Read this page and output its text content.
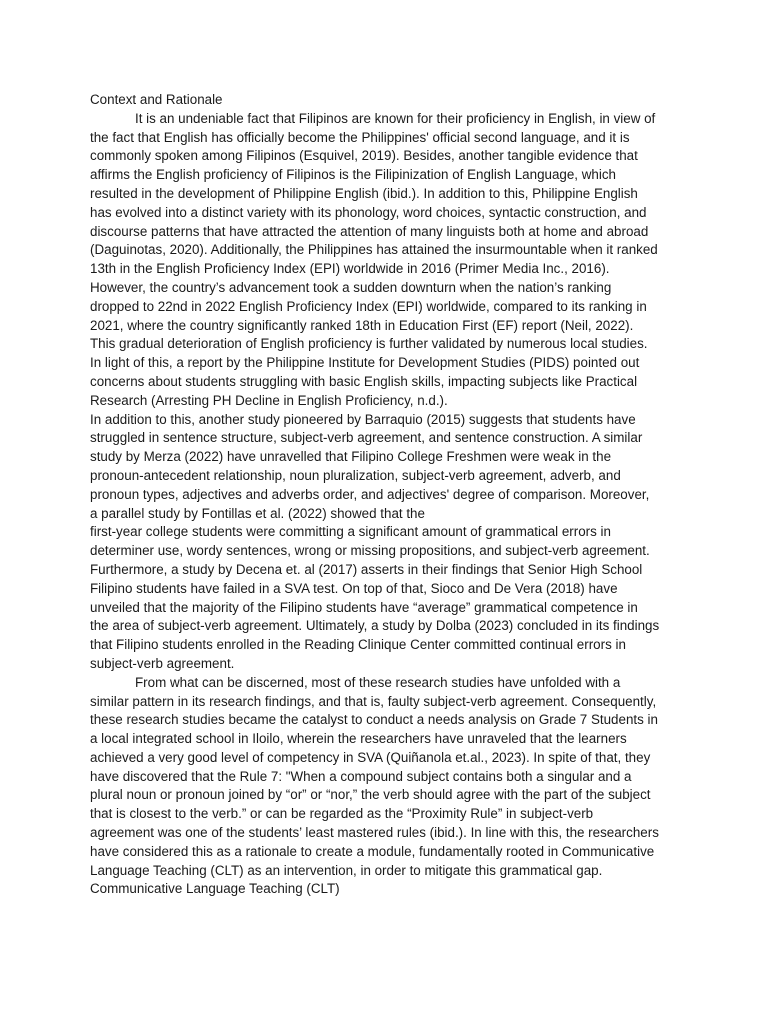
Context and Rationale
It is an undeniable fact that Filipinos are known for their proficiency in English, in view of
the fact that English has officially become the Philippines' official second language, and it is
commonly spoken among Filipinos (Esquivel, 2019). Besides, another tangible evidence that
affirms the English proficiency of Filipinos is the Filipinization of English Language, which
resulted in the development of Philippine English (ibid.). In addition to this, Philippine English
has evolved into a distinct variety with its phonology, word choices, syntactic construction, and
discourse patterns that have attracted the attention of many linguists both at home and abroad
(Daguinotas, 2020). Additionally, the Philippines has attained the insurmountable when it ranked
13th in the English Proficiency Index (EPI) worldwide in 2016 (Primer Media Inc., 2016).
However, the country’s advancement took a sudden downturn when the nation’s ranking
dropped to 22nd in 2022 English Proficiency Index (EPI) worldwide, compared to its ranking in
2021, where the country significantly ranked 18th in Education First (EF) report (Neil, 2022).
This gradual deterioration of English proficiency is further validated by numerous local studies.
In light of this, a report by the Philippine Institute for Development Studies (PIDS) pointed out
concerns about students struggling with basic English skills, impacting subjects like Practical
Research (Arresting PH Decline in English Proficiency, n.d.).
In addition to this, another study pioneered by Barraquio (2015) suggests that students have
struggled in sentence structure, subject-verb agreement, and sentence construction. A similar
study by Merza (2022) have unravelled that Filipino College Freshmen were weak in the
pronoun-antecedent relationship, noun pluralization, subject-verb agreement, adverb, and
pronoun types, adjectives and adverbs order, and adjectives' degree of comparison. Moreover,
a parallel study by Fontillas et al. (2022) showed that the
first-year college students were committing a significant amount of grammatical errors in
determiner use, wordy sentences, wrong or missing propositions, and subject-verb agreement.
Furthermore, a study by Decena et. al (2017) asserts in their findings that Senior High School
Filipino students have failed in a SVA test. On top of that, Sioco and De Vera (2018) have
unveiled that the majority of the Filipino students have “average” grammatical competence in
the area of subject-verb agreement. Ultimately, a study by Dolba (2023) concluded in its findings
that Filipino students enrolled in the Reading Clinique Center committed continual errors in
subject-verb agreement.
From what can be discerned, most of these research studies have unfolded with a
similar pattern in its research findings, and that is, faulty subject-verb agreement. Consequently,
these research studies became the catalyst to conduct a needs analysis on Grade 7 Students in
a local integrated school in Iloilo, wherein the researchers have unraveled that the learners
achieved a very good level of competency in SVA (Quiñanola et.al., 2023). In spite of that, they
have discovered that the Rule 7: "When a compound subject contains both a singular and a
plural noun or pronoun joined by “or” or “nor,” the verb should agree with the part of the subject
that is closest to the verb.” or can be regarded as the “Proximity Rule” in subject-verb
agreement was one of the students’ least mastered rules (ibid.). In line with this, the researchers
have considered this as a rationale to create a module, fundamentally rooted in Communicative
Language Teaching (CLT) as an intervention, in order to mitigate this grammatical gap.
Communicative Language Teaching (CLT)
